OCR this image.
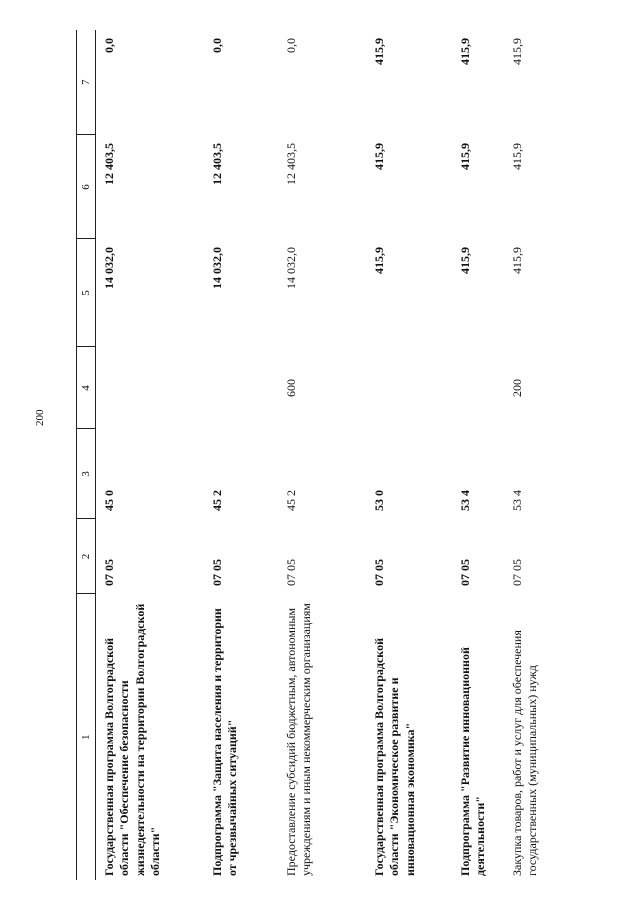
200
1	2	3	4	5	6	7
Государственная программа Волгоградской области "Обеспечение безопасности жизнедеятельности на территории Волгоградской области"	07 05	45 0		14 032,0	12 403,5	0,0
Подпрограмма "Защита населения и территории от чрезвычайных ситуаций"	07 05	45 2		14 032,0	12 403,5	0,0
Предоставление субсидий бюджетным, автономным учреждениям и иным некоммерческим организациям	07 05	45 2	600	14 032,0	12 403,5	0,0
Государственная программа Волгоградской области "Экономическое развитие и инновационная экономика"	07 05	53 0		415,9	415,9	415,9
Подпрограмма "Развитие инновационной деятельности"	07 05	53 4		415,9	415,9	415,9
Закупка товаров, работ и услуг для обеспечения государственных (муниципальных) нужд	07 05	53 4	200	415,9	415,9	415,9
